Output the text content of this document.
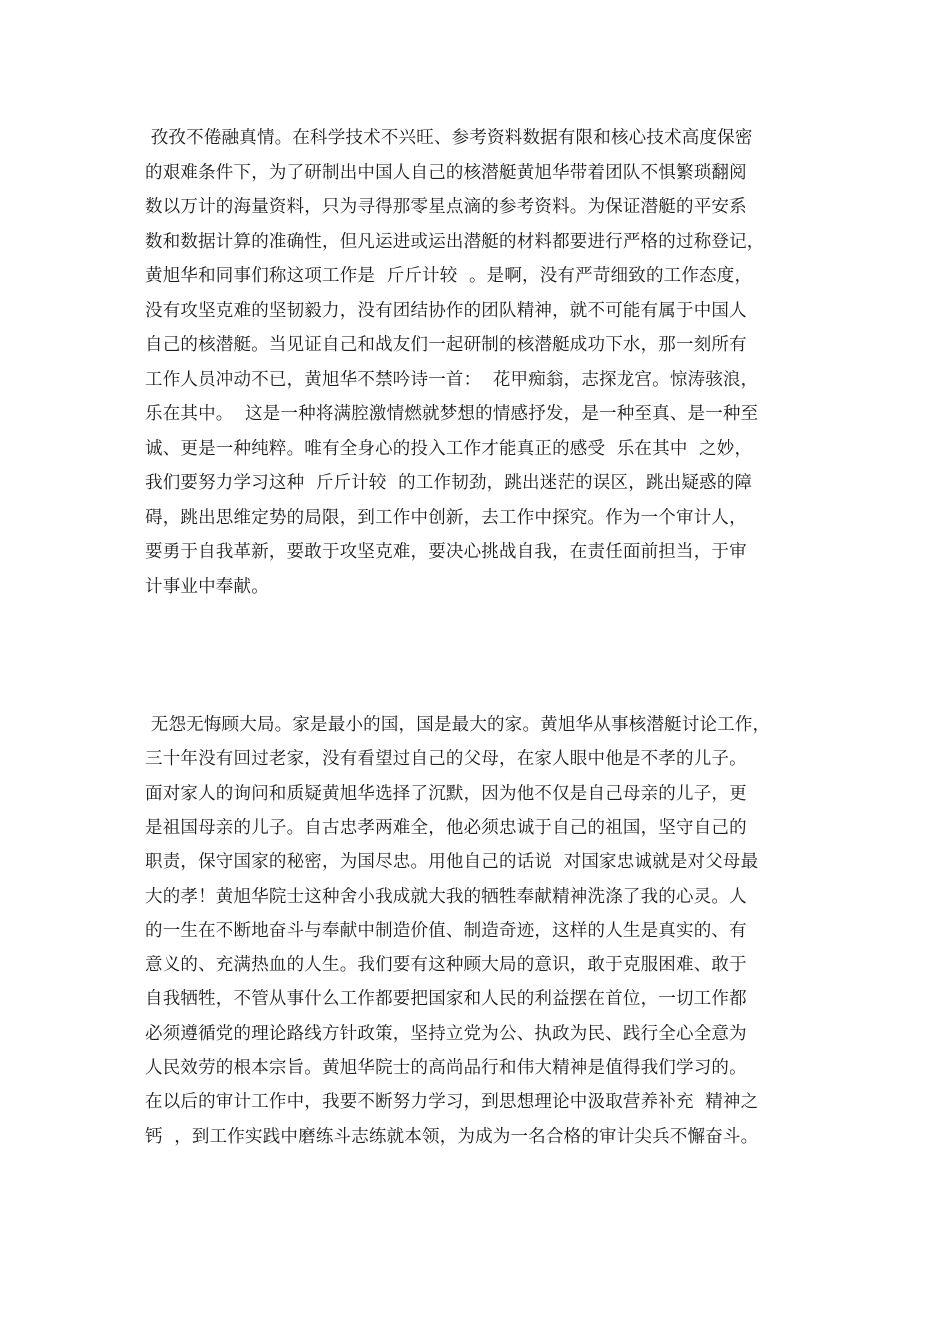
孜孜不倦融真情。在科学技术不兴旺、参考资料数据有限和核心技术高度保密

的艰难条件下，为了研制出中国人自己的核潜艇黄旭华带着团队不惧繁琐翻阅

数以万计的海量资料，只为寻得那零星点滴的参考资料。为保证潜艇的平安系

数和数据计算的准确性，但凡运进或运出潜艇的材料都要进行严格的过称登记，

黄旭华和同事们称这项工作是  斤斤计较  。是啊，没有严苛细致的工作态度，

没有攻坚克难的坚韧毅力，没有团结协作的团队精神，就不可能有属于中国人

自己的核潜艇。当见证自己和战友们一起研制的核潜艇成功下水，那一刻所有

工作人员冲动不已，黄旭华不禁吟诗一首：  花甲痴翁，志探龙宫。惊涛骇浪，

乐在其中。  这是一种将满腔激情燃就梦想的情感抒发，是一种至真、是一种至

诚、更是一种纯粹。唯有全身心的投入工作才能真正的感受  乐在其中  之妙，

我们要努力学习这种  斤斤计较  的工作韧劲，跳出迷茫的误区，跳出疑惑的障

碍，跳出思维定势的局限，到工作中创新，去工作中探究。作为一个审计人，

要勇于自我革新，要敢于攻坚克难，要决心挑战自我，在责任面前担当，于审

计事业中奉献。

无怨无悔顾大局。家是最小的国，国是最大的家。黄旭华从事核潜艇讨论工作，

三十年没有回过老家，没有看望过自己的父母，在家人眼中他是不孝的儿子。

面对家人的询问和质疑黄旭华选择了沉默，因为他不仅是自己母亲的儿子，更

是祖国母亲的儿子。自古忠孝两难全，他必须忠诚于自己的祖国，坚守自己的

职责，保守国家的秘密，为国尽忠。用他自己的话说  对国家忠诚就是对父母最

大的孝！黄旭华院士这种舍小我成就大我的牺牲奉献精神洗涤了我的心灵。人

的一生在不断地奋斗与奉献中制造价值、制造奇迹，这样的人生是真实的、有

意义的、充满热血的人生。我们要有这种顾大局的意识，敢于克服困难、敢于

自我牺牲，不管从事什么工作都要把国家和人民的利益摆在首位，一切工作都

必须遵循党的理论路线方针政策，坚持立党为公、执政为民、践行全心全意为

人民效劳的根本宗旨。黄旭华院士的高尚品行和伟大精神是值得我们学习的。

在以后的审计工作中，我要不断努力学习，到思想理论中汲取营养补充  精神之

钙  ，到工作实践中磨练斗志练就本领，为成为一名合格的审计尖兵不懈奋斗。
